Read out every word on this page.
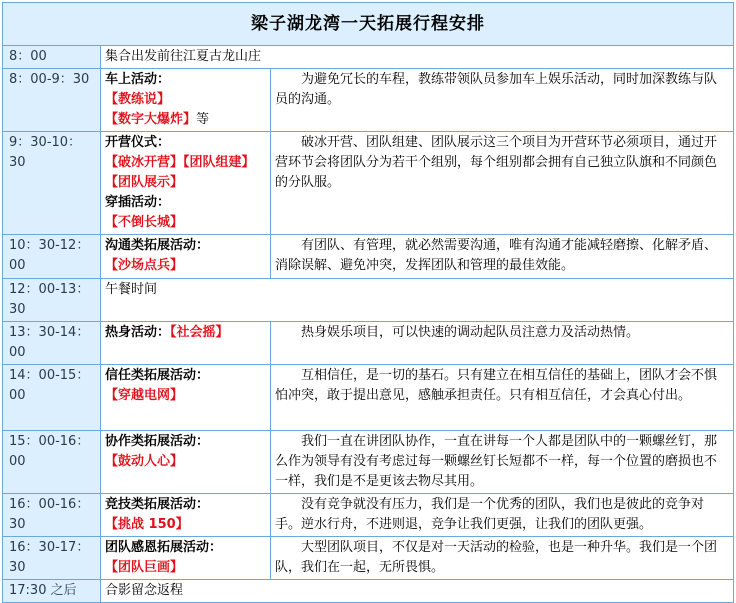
梁子湖龙湾一天拓展行程安排		
8：00	集合出发前往江夏古龙山庄	

8：00-9：30	车上活动：
【教练说】
【数字大爆炸】等	为避免冗长的车程，教练带领队员参加车上娱乐活动，同时加深教练与队员的沟通。
9：30-10：30	开营仪式：
【破冰开营】【团队组建】
【团队展示】
穿插活动：
【不倒长城】	破冰开营、团队组建、团队展示这三个项目为开营环节必须项目，通过开营环节会将团队分为若干个组别，每个组别都会拥有自己独立队旗和不同颜色的分队服。
10：30-12：00	沟通类拓展活动：
【沙场点兵】	有团队、有管理，就必然需要沟通，唯有沟通才能减轻磨擦、化解矛盾、消除误解、避免冲突，发挥团队和管理的最佳效能。
12：00-13：30	午餐时间	

13：30-14：00	热身活动：【社会摇】	热身娱乐项目，可以快速的调动起队员注意力及活动热情。
14：00-15：00	信任类拓展活动：
【穿越电网】	互相信任，是一切的基石。只有建立在相互信任的基础上，团队才会不惧怕冲突，敢于提出意见，感触承担责任。只有相互信任，才会真心付出。
15：00-16：00	协作类拓展活动：
【鼓动人心】	我们一直在讲团队协作，一直在讲每一个人都是团队中的一颗螺丝钉，那么作为领导有没有考虑过每一颗螺丝钉长短都不一样，每一个位置的磨损也不一样，我们是不是更该去物尽其用。
16：00-16：30	竞技类拓展活动：
【挑战 150】	没有竞争就没有压力，我们是一个优秀的团队，我们也是彼此的竞争对手。逆水行舟，不进则退，竞争让我们更强，让我们的团队更强。
16：30-17：30	团队感恩拓展活动：
【团队巨画】	大型团队项目，不仅是对一天活动的检验，也是一种升华。我们是一个团队，我们在一起，无所畏惧。
17:30 之后	合影留念返程	
